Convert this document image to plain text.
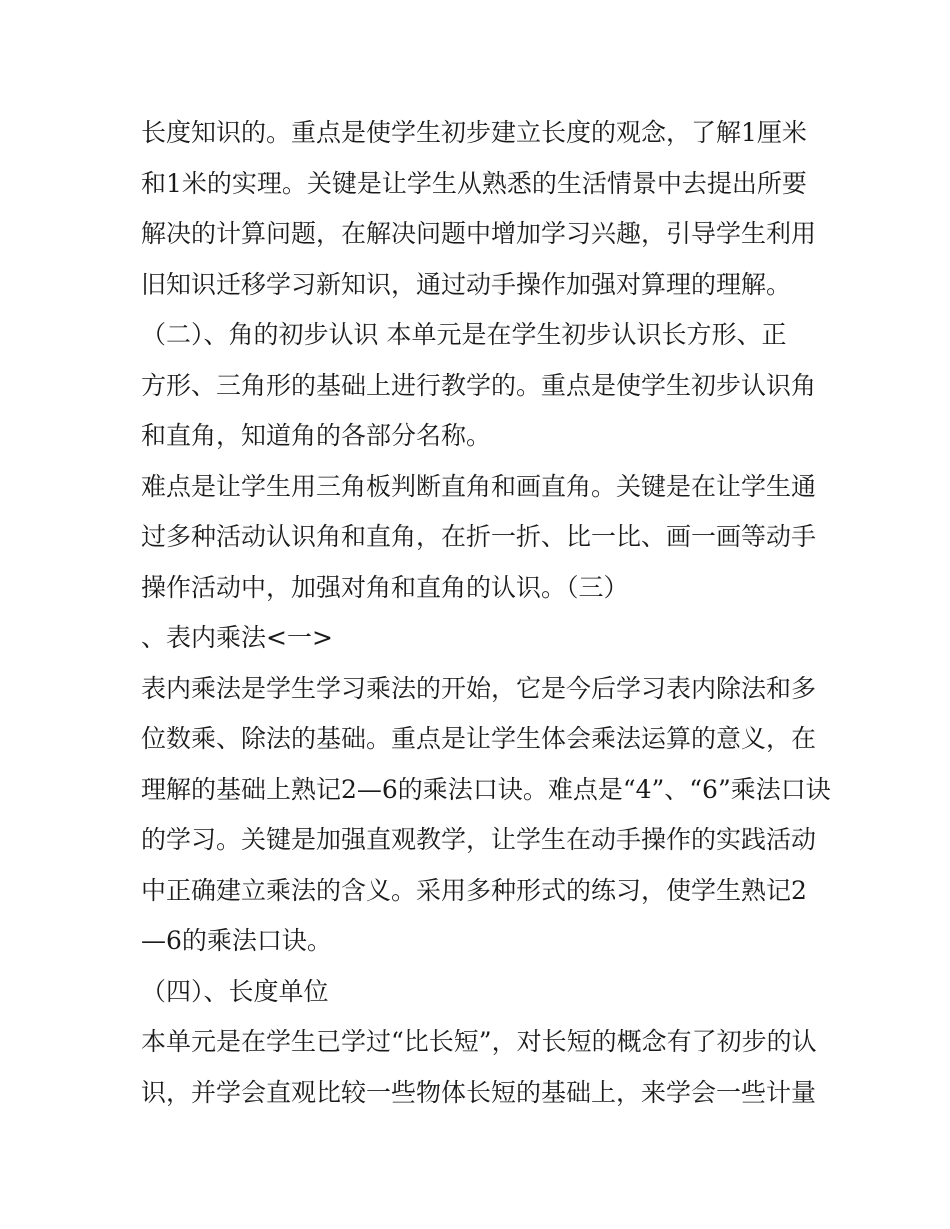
长度知识的。重点是使学生初步建立长度的观念，了解1厘米
和1米的实理。关键是让学生从熟悉的生活情景中去提出所要
解决的计算问题，在解决问题中增加学习兴趣，引导学生利用
旧知识迁移学习新知识，通过动手操作加强对算理的理解。
（二）、角的初步认识 本单元是在学生初步认识长方形、正
方形、三角形的基础上进行教学的。重点是使学生初步认识角
和直角，知道角的各部分名称。
难点是让学生用三角板判断直角和画直角。关键是在让学生通
过多种活动认识角和直角，在折一折、比一比、画一画等动手
操作活动中，加强对角和直角的认识。（三）
、表内乘法<一>
表内乘法是学生学习乘法的开始，它是今后学习表内除法和多
位数乘、除法的基础。重点是让学生体会乘法运算的意义，在
理解的基础上熟记2—6的乘法口诀。难点是“4”、“6”乘法口诀
的学习。关键是加强直观教学，让学生在动手操作的实践活动
中正确建立乘法的含义。采用多种形式的练习，使学生熟记2
—6的乘法口诀。
（四）、长度单位
本单元是在学生已学过“比长短”，对长短的概念有了初步的认
识，并学会直观比较一些物体长短的基础上，来学会一些计量
